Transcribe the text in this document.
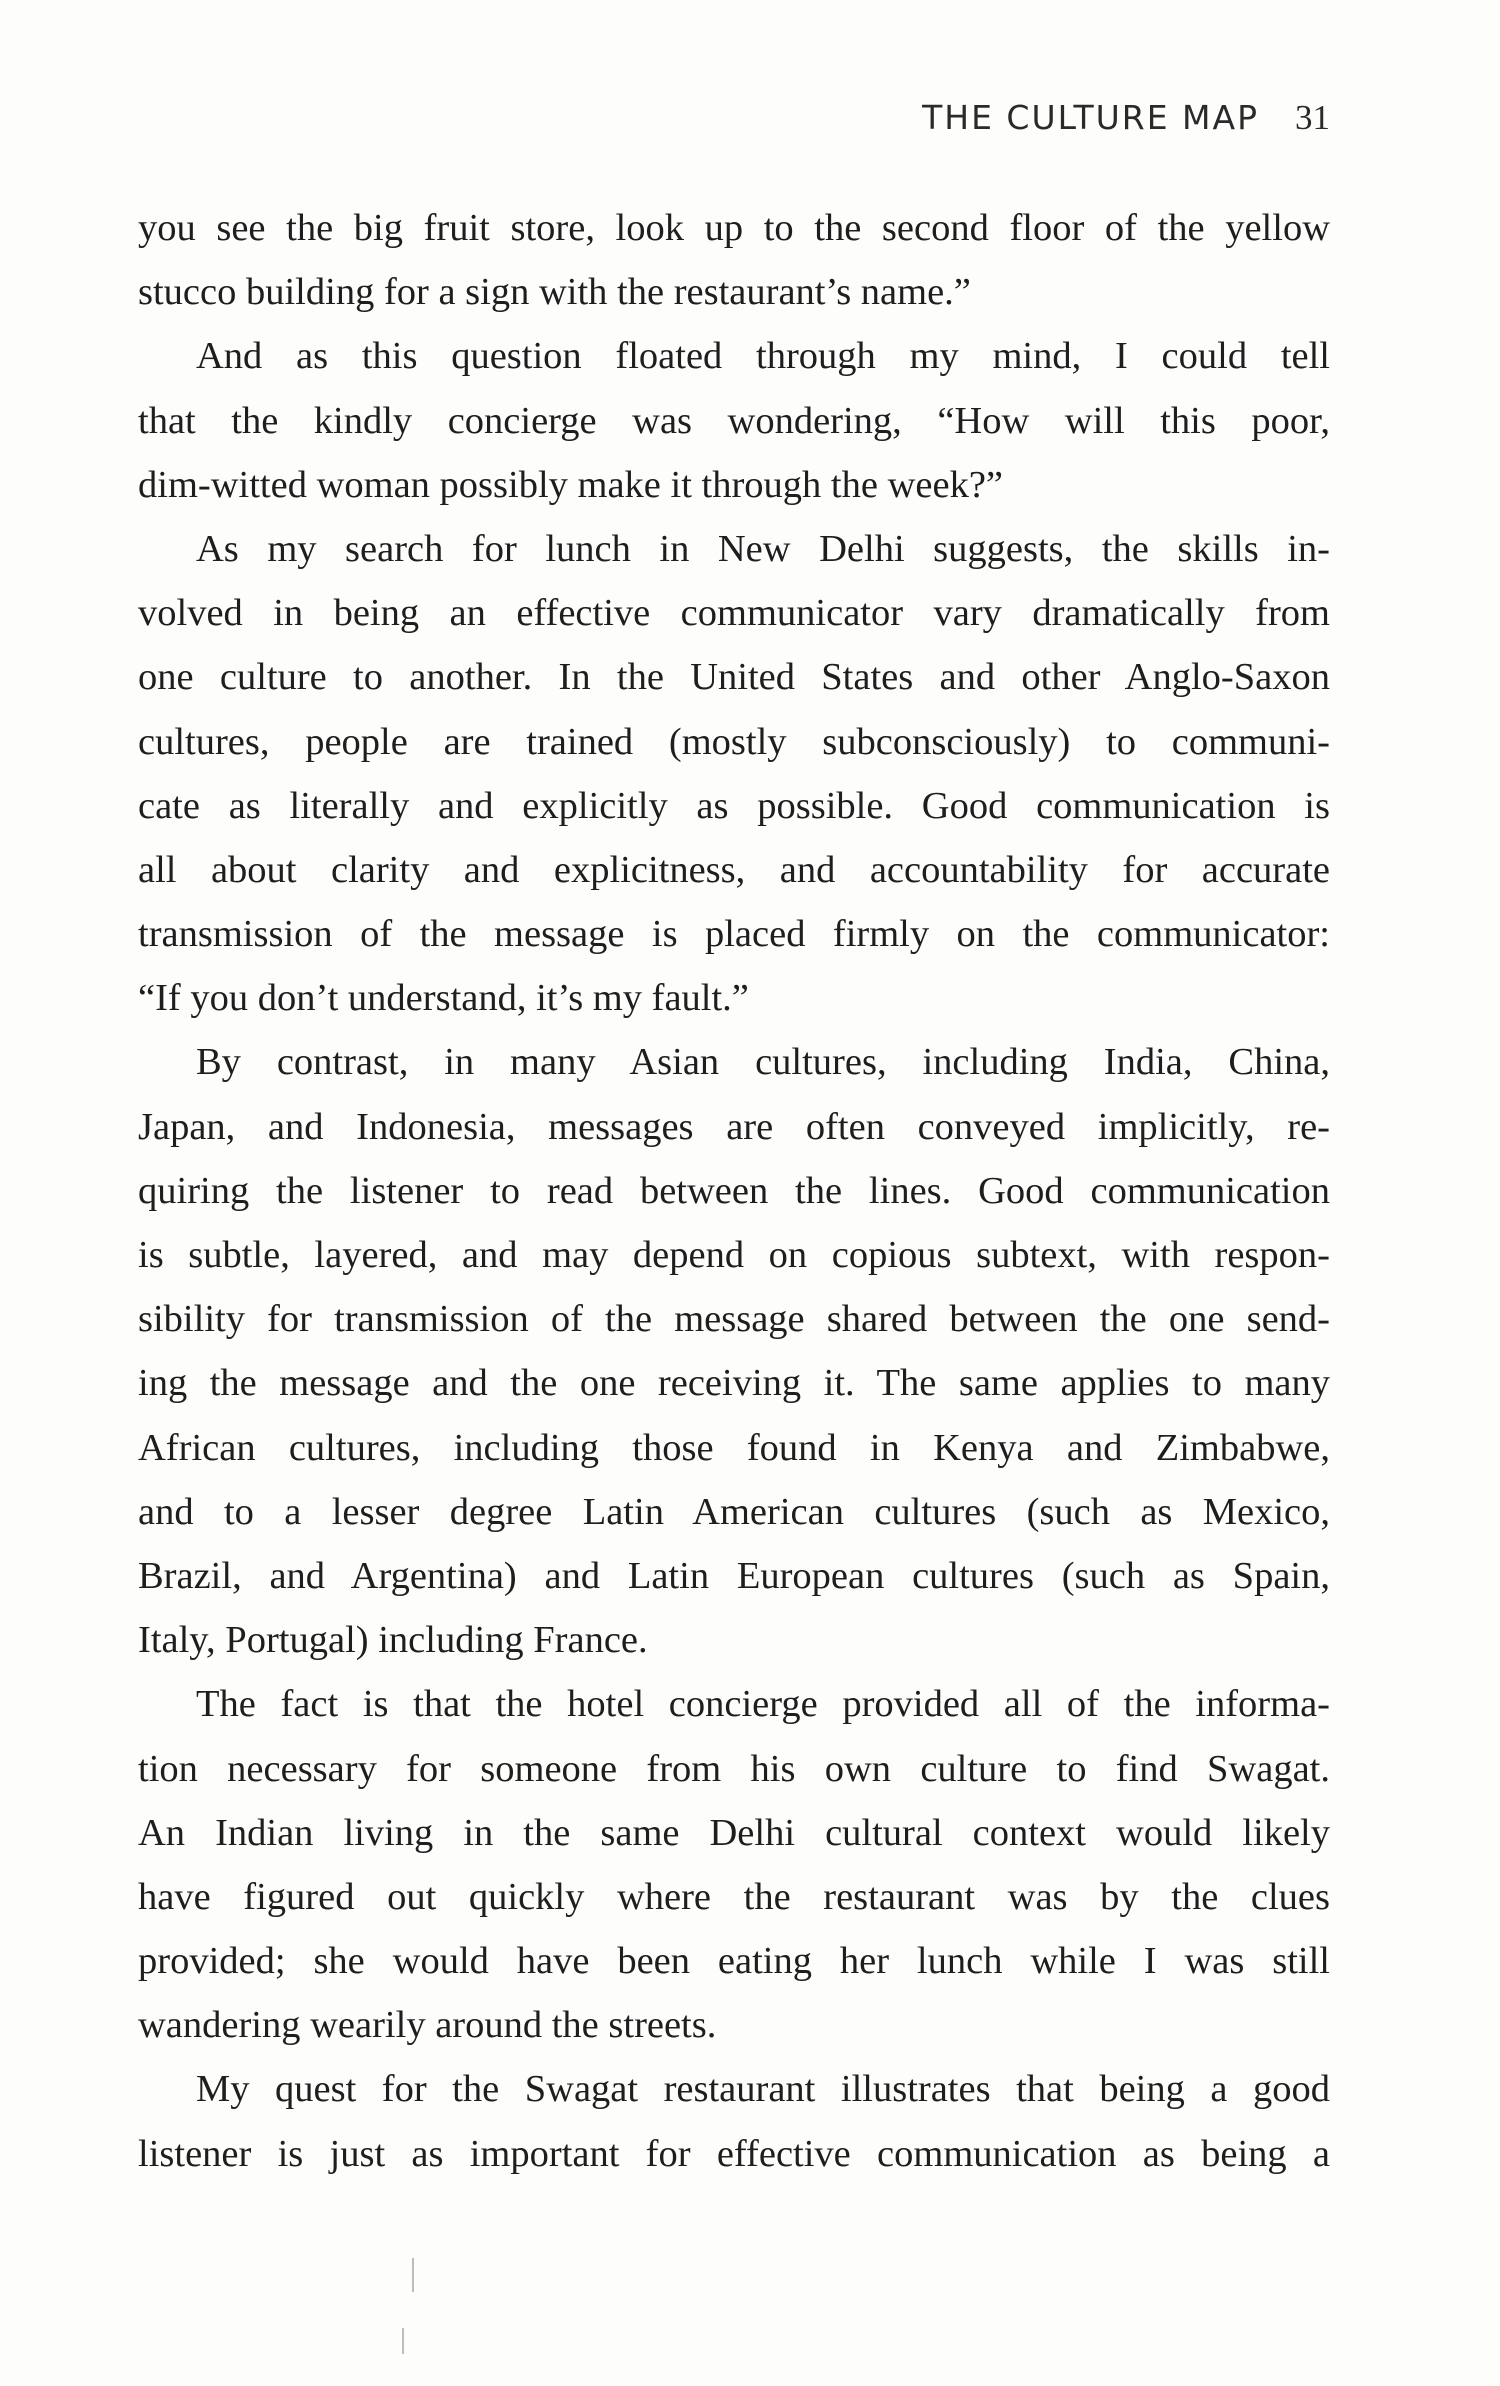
THE CULTURE MAP 31
you see the big fruit store, look up to the second floor of the yellow
stucco building for a sign with the restaurant’s name.”
And as this question floated through my mind, I could tell
that the kindly concierge was wondering, “How will this poor,
dim-witted woman possibly make it through the week?”
As my search for lunch in New Delhi suggests, the skills in-
volved in being an effective communicator vary dramatically from
one culture to another. In the United States and other Anglo-Saxon
cultures, people are trained (mostly subconsciously) to communi-
cate as literally and explicitly as possible. Good communication is
all about clarity and explicitness, and accountability for accurate
transmission of the message is placed firmly on the communicator:
“If you don’t understand, it’s my fault.”
By contrast, in many Asian cultures, including India, China,
Japan, and Indonesia, messages are often conveyed implicitly, re-
quiring the listener to read between the lines. Good communication
is subtle, layered, and may depend on copious subtext, with respon-
sibility for transmission of the message shared between the one send-
ing the message and the one receiving it. The same applies to many
African cultures, including those found in Kenya and Zimbabwe,
and to a lesser degree Latin American cultures (such as Mexico,
Brazil, and Argentina) and Latin European cultures (such as Spain,
Italy, Portugal) including France.
The fact is that the hotel concierge provided all of the informa-
tion necessary for someone from his own culture to find Swagat.
An Indian living in the same Delhi cultural context would likely
have figured out quickly where the restaurant was by the clues
provided; she would have been eating her lunch while I was still
wandering wearily around the streets.
My quest for the Swagat restaurant illustrates that being a good
listener is just as important for effective communication as being a
